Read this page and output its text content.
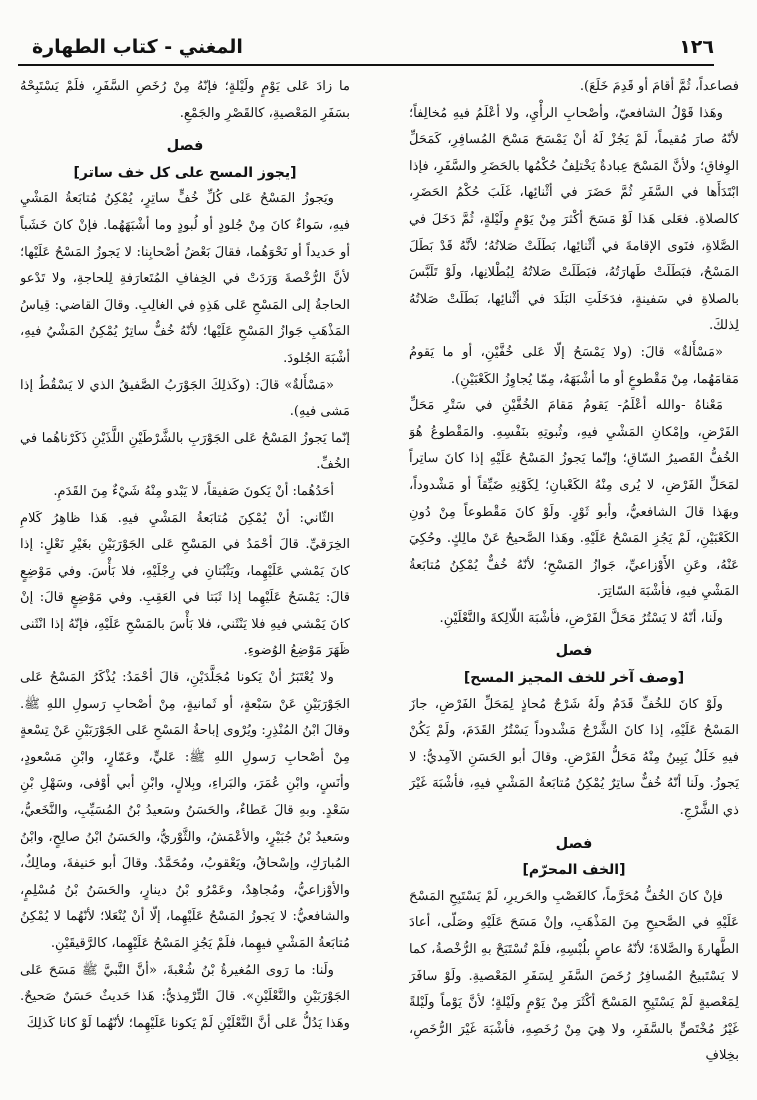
١٢٦
المغني - كتاب الطهارة

فصاعداً، ثُمَّ أقامَ أو قَدِمَ خَلَعَ).

وهَذا قَوْلُ الشافعيّ، وأصْحابِ الرأْيِ، ولا أعْلَمُ فيهِ مُخالِفاً؛ لأنّهُ صارَ مُقيماً، لَمْ يَجُزْ لَهُ أنْ يَمْسَحَ مَسْحَ المُسافِرِ، كَمَحَلِّ الوِفاقِ؛ ولأنَّ المَسْحَ عِبادةٌ يَخْتلِفُ حُكْمُها بالحَضَرِ والسَّفَرِ، فإذا ابْتَدَأَها في السَّفَرِ ثُمَّ حَضَرَ في أثْنائِها، غَلَبَ حُكْمُ الحَضَرِ، كالصلاةِ. فعَلى هَذا لَوْ مَسَحَ أكْثرَ مِنْ يَوْمٍ ولَيْلةٍ، ثُمَّ دَخَلَ في الصَّلاةِ، فنَوى الإقامةَ في أثْنائِها، بَطَلَتْ صَلاتُهُ؛ لأنَّهُ قَدْ بَطَلَ المَسْحُ، فبَطَلَتْ طَهارَتُهُ، فبَطَلَتْ صَلاتُهُ لِبُطْلانِها، ولَوْ تَلَبَّسَ بالصلاةِ في سَفينةٍ، فدَخَلَتِ البَلَدَ في أثْنائِها، بَطَلَتْ صَلاتُهُ لِذلكَ.

«مَسْأَلةٌ» قالَ: (ولا يَمْسَحُ إلّا عَلى خُفَّيْنِ، أو ما يَقومُ مَقامَهُما، مِنْ مَقْطوعٍ أو ما أشْبَهَهُ، مِمّا يُجاوِزُ الكَعْبَيْنِ).

مَعْناهُ -والله أعْلَمُ- يَقومُ مَقامَ الخُفَّيْنِ في سَتْرِ مَحَلِّ الفَرْضِ، وإمْكانِ المَشْيِ فيهِ، وثُبوتِهِ بنَفْسِهِ. والمَقْطوعُ هُوَ الخُفُّ القَصيرُ السّاقِ؛ وإنّما يَجوزُ المَسْحُ عَلَيْهِ إذا كانَ ساتِراً لمَحَلِّ الفَرْضِ، لا يُرى مِنْهُ الكَعْبانِ؛ لِكَوْنِهِ ضَيِّقاً أو مَشْدوداً، وبهَذا قالَ الشافعيُّ، وأبو ثَوْرٍ. ولَوْ كانَ مَقْطوعاً مِنْ دُونِ الكَعْبَيْنِ، لَمْ يَجُزِ المَسْحُ عَلَيْهِ. وهَذا الصَّحيحُ عَنْ مالِكٍ. وحُكِيَ عَنْهُ، وعَنِ الأَوْزاعيِّ، جَوازُ المَسْحِ؛ لأنّهُ خُفٌّ يُمْكِنُ مُتابَعةُ المَشْيِ فيهِ، فأشْبَهَ السّاتِرَ.

ولَنا، أنّهُ لا يَسْتُرُ مَحَلَّ الفَرْضِ، فأشْبَهَ اللّالِكةَ والنَّعْلَيْنِ.

فصل
[ وصف آخر للخف المجيز المسح ]

ولَوْ كانَ للخُفِّ قَدَمٌ ولَهُ شَرْجٌ مُحاذٍ لِمَحَلِّ الفَرْضِ، جازَ المَسْحُ عَلَيْهِ، إذا كانَ الشَّرْجُ مَشْدوداً يَسْتُرُ القَدَمَ، ولَمْ يَكُنْ فيهِ خَلَلٌ يَبِينُ مِنْهُ مَحَلُّ الفَرْضِ. وقالَ أبو الحَسَنِ الآمِديُّ: لا يَجوزُ. ولَنا أنّهُ خُفٌّ ساتِرٌ يُمْكِنُ مُتابَعةُ المَشْيِ فيهِ، فأشْبَهَ غَيْرَ ذي الشَّرْجِ.

فصل
[ الخف المحرّم ]

فإنْ كانَ الخُفُّ مُحَرَّماً، كالغَصْبِ والحَريرِ، لَمْ يَسْتَبِحِ المَسْحَ عَلَيْهِ في الصَّحيحِ مِنَ المَذْهَبِ، وإنْ مَسَحَ عَلَيْهِ وصَلّى، أعادَ الطَّهارةَ والصَّلاةَ؛ لأنّهُ عاصٍ بلُبْسِهِ، فلَمْ تُسْتَبَحْ بهِ الرُّخْصةُ، كما لا يَسْتَبيحُ المُسافِرُ رُخَصَ السَّفَرِ لِسَفَرِ المَعْصيةِ. ولَوْ سافَرَ لِمَعْصيةٍ لَمْ يَسْتَبِحِ المَسْحَ أكْثَرَ مِنْ يَوْمٍ ولَيْلةٍ؛ لأنَّ يَوْماً ولَيْلةً غَيْرُ مُخْتَصٍّ بالسَّفَرِ، ولا هِيَ مِنْ رُخَصِهِ، فأشْبَهَ غَيْرَ الرُّخَصِ، بخِلافِ

ما زادَ عَلى يَوْمٍ ولَيْلةٍ؛ فإنّهُ مِنْ رُخَصِ السَّفَرِ، فلَمْ يَسْتَبِحْهُ بسَفَرِ المَعْصيةِ، كالقَصْرِ والجَمْعِ.

فصل
[ يجوز المسح على كل خف ساتر ]

ويَجوزُ المَسْحُ عَلى كُلِّ خُفٍّ ساتِرٍ، يُمْكِنُ مُتابَعةُ المَشْيِ فيهِ، سَواءٌ كانَ مِنْ جُلودٍ أو لُبودٍ وما أشْبَهَهُما. فإنْ كانَ خَشَباً أو حَديداً أو نَحْوَهُما، فقالَ بَعْضُ أصْحابِنا: لا يَجوزُ المَسْحُ عَلَيْها؛ لأنَّ الرُّخْصةَ وَرَدَتْ في الخِفافِ المُتَعارَفةِ لِلحاجةِ، ولا تَدْعو الحاجةُ إلى المَسْحِ عَلى هَذِهِ في الغالِبِ. وقالَ القاضي: قِياسُ المَذْهَبِ جَوازُ المَسْحِ عَلَيْها؛ لأنّهُ خُفٌّ ساتِرٌ يُمْكِنُ المَشْيُ فيهِ، أشْبَهَ الجُلودَ.

«مَسْأَلةٌ» قالَ: (وكَذلِكَ الجَوْرَبُ الصَّفيقُ الذي لا يَسْقُطُ إذا مَشى فيهِ).

إنّما يَجوزُ المَسْحُ عَلى الجَوْرَبِ بالشَّرْطَيْنِ اللَّذَيْنِ ذَكَرْناهُما في الخُفِّ.

أحَدُهُما: أنْ يَكونَ صَفيقاً، لا يَبْدو مِنْهُ شَيْءٌ مِنَ القَدَمِ.

الثّاني: أنْ يُمْكِنَ مُتابَعةُ المَشْيِ فيهِ. هَذا ظاهِرُ كَلامِ الخِرَقيِّ. قالَ أحْمَدُ في المَسْحِ عَلى الجَوْرَبَيْنِ بغَيْرِ نَعْلٍ: إذا كانَ يَمْشي عَلَيْهِما، ويَثْبُتانِ في رِجْلَيْهِ، فلا بَأْسَ. وفي مَوْضِعٍ قالَ: يَمْسَحُ عَلَيْهِما إذا ثَبَتا في العَقِبِ. وفي مَوْضِعٍ قالَ: إنْ كانَ يَمْشي فيهِ فلا يَنْثَني، فلا بَأْسَ بالمَسْحِ عَلَيْهِ، فإنّهُ إذا انْثَنى ظَهَرَ مَوْضِعُ الوُضوءِ.

ولا يُعْتَبَرُ أنْ يَكونا مُجَلَّدَيْنِ، قالَ أحْمَدُ: يُذْكَرُ المَسْحُ عَلى الجَوْرَبَيْنِ عَنْ سَبْعةٍ، أو ثَمانيةٍ، مِنْ أصْحابِ رَسولِ اللهِ ﷺ. وقالَ ابْنُ المُنْذِرِ: ويُرْوى إباحةُ المَسْحِ عَلى الجَوْرَبَيْنِ عَنْ تِسْعةٍ مِنْ أصْحابِ رَسولِ اللهِ ﷺ: عَليٍّ، وعَمّارٍ، وابْنِ مَسْعودٍ، وأنَسٍ، وابْنِ عُمَرَ، والبَراءِ، وبِلالٍ، وابْنِ أبي أوْفى، وسَهْلِ بْنِ سَعْدٍ. وبهِ قالَ عَطاءٌ، والحَسَنُ وسَعيدُ بْنُ المُسَيِّبِ، والنَّخَعيُّ، وسَعيدُ بْنُ جُبَيْرٍ، والأعْمَشُ، والثَّوْريُّ، والحَسَنُ ابْنُ صالِحٍ، وابْنُ المُبارَكِ، وإسْحاقُ، ويَعْقوبُ، ومُحَمَّدٌ. وقالَ أبو حَنيفةَ، ومالِكٌ، والأوْزاعيُّ، ومُجاهِدٌ، وعَمْرُو بْنُ دينارٍ، والحَسَنُ بْنُ مُسْلِمٍ، والشافعيُّ: لا يَجوزُ المَسْحُ عَلَيْهِما، إلّا أنْ يُنْعَلا؛ لأنّهُما لا يُمْكِنُ مُتابَعةُ المَشْيِ فيهِما، فلَمْ يَجُزِ المَسْحُ عَلَيْهِما، كالرَّقيقَيْنِ.

ولَنا: ما رَوى المُغيرةُ بْنُ شُعْبةَ، «أنَّ النَّبيَّ ﷺ مَسَحَ عَلى الجَوْرَبَيْنِ والنَّعْلَيْنِ». قالَ التِّرْمِذيُّ: هَذا حَديثٌ حَسَنٌ صَحيحٌ. وهَذا يَدُلُّ عَلى أنَّ النَّعْلَيْنِ لَمْ يَكونا عَلَيْهِما؛ لأنّهُما لَوْ كانا كَذلِكَ
